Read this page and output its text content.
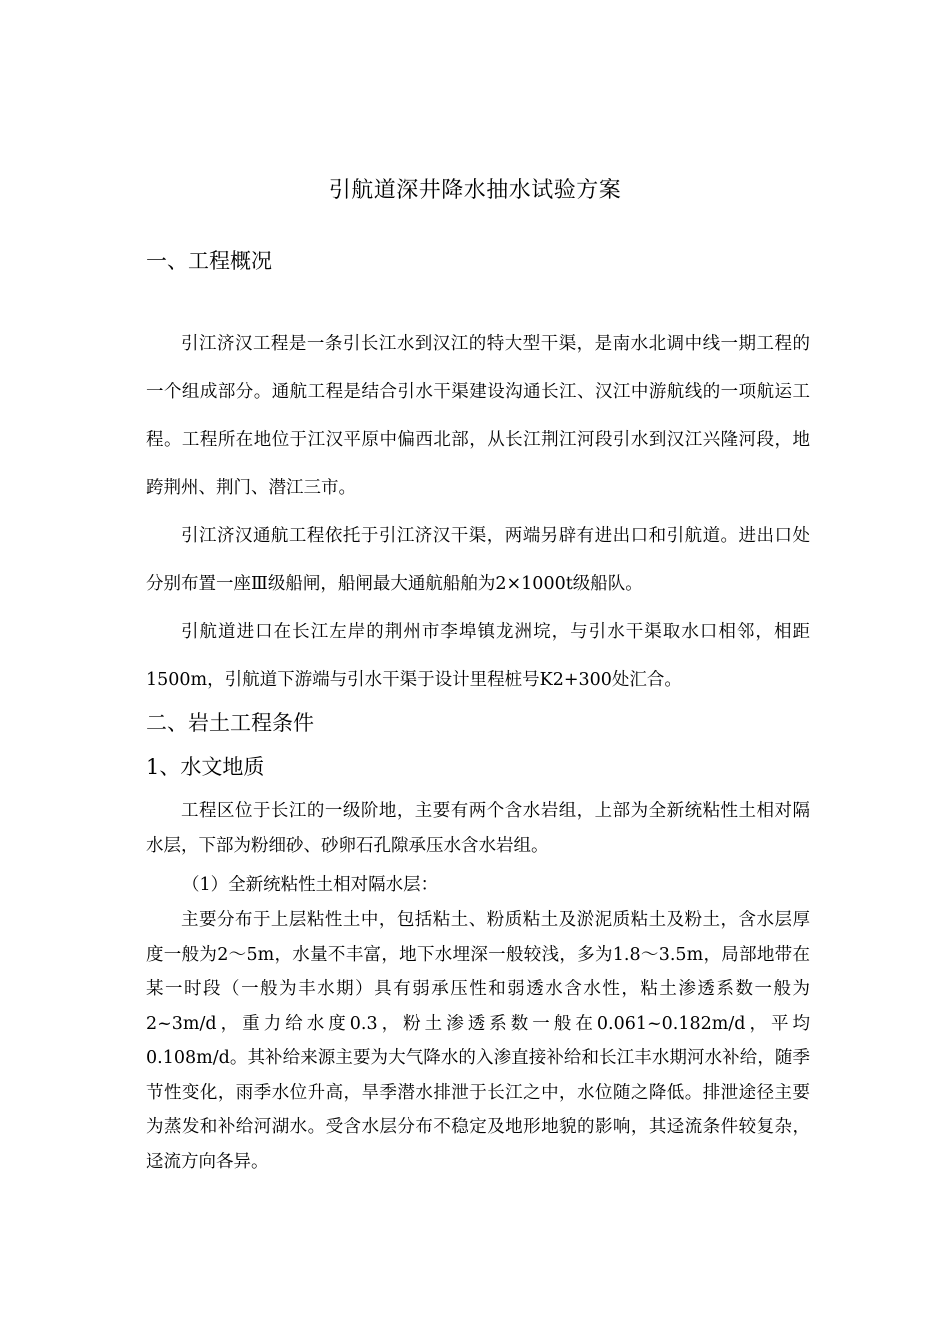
引航道深井降水抽水试验方案
一、工程概况
引江济汉工程是一条引长江水到汉江的特大型干渠，是南水北调中线一期工程的一个组成部分。通航工程是结合引水干渠建设沟通长江、汉江中游航线的一项航运工程。工程所在地位于江汉平原中偏西北部，从长江荆江河段引水到汉江兴隆河段，地跨荆州、荆门、潜江三市。
引江济汉通航工程依托于引江济汉干渠，两端另辟有进出口和引航道。进出口处分别布置一座Ⅲ级船闸，船闸最大通航船舶为2×1000t级船队。
引航道进口在长江左岸的荆州市李埠镇龙洲垸，与引水干渠取水口相邻，相距1500m，引航道下游端与引水干渠于设计里程桩号K2+300处汇合。
二、岩土工程条件
1、水文地质
工程区位于长江的一级阶地，主要有两个含水岩组，上部为全新统粘性土相对隔水层，下部为粉细砂、砂卵石孔隙承压水含水岩组。
（1）全新统粘性土相对隔水层：
主要分布于上层粘性土中，包括粘土、粉质粘土及淤泥质粘土及粉土，含水层厚度一般为2～5m，水量不丰富，地下水埋深一般较浅，多为1.8～3.5m，局部地带在某一时段（一般为丰水期）具有弱承压性和弱透水含水性，粘土渗透系数一般为2~3m/d，重力给水度0.3，粉土渗透系数一般在0.061~0.182m/d，平均0.108m/d。其补给来源主要为大气降水的入渗直接补给和长江丰水期河水补给，随季节性变化，雨季水位升高，旱季潜水排泄于长江之中，水位随之降低。排泄途径主要为蒸发和补给河湖水。受含水层分布不稳定及地形地貌的影响，其迳流条件较复杂，迳流方向各异。
